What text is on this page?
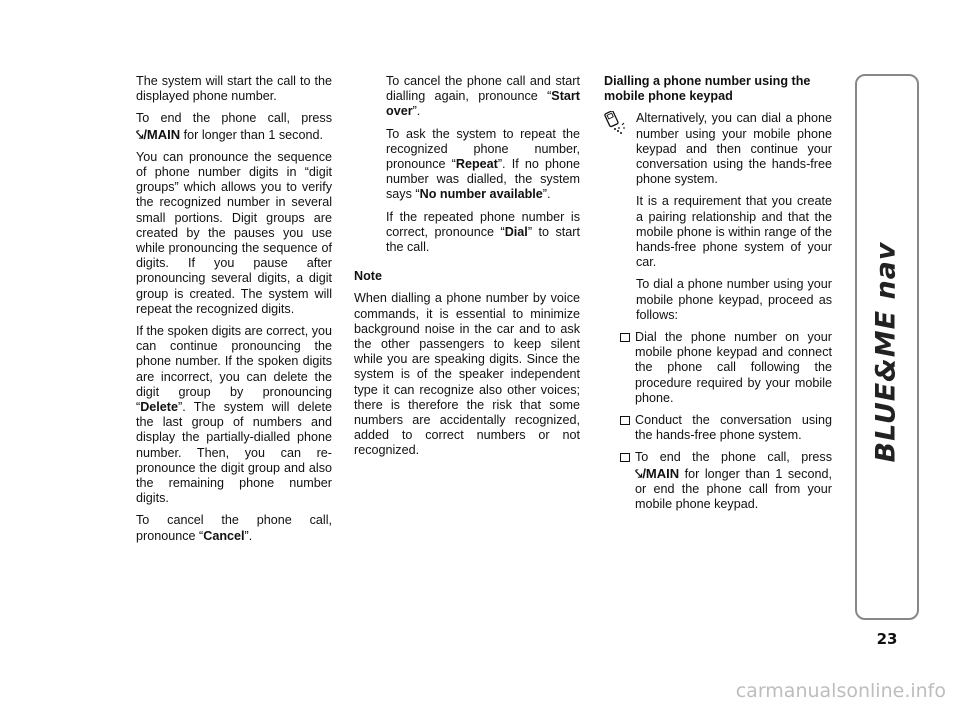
The system will start the call to the displayed phone number.

To end the phone call, press ⤥/MAIN for longer than 1 second.

You can pronounce the sequence of phone number digits in “digit groups” which allows you to verify the recognized number in several small portions. Digit groups are created by the pauses you use while pronouncing the sequence of digits. If you pause after pronouncing several digits, a digit group is created. The system will repeat the recognized digits.

If the spoken digits are correct, you can continue pronouncing the phone number. If the spoken digits are incorrect, you can delete the digit group by pronouncing “Delete”. The system will delete the last group of numbers and display the partially-dialled phone number. Then, you can re-pronounce the digit group and also the remaining phone number digits.

To cancel the phone call, pronounce “Cancel”.

To cancel the phone call and start dialling again, pronounce “Start over”.

To ask the system to repeat the recognized phone number, pronounce “Repeat”. If no phone number was dialled, the system says “No number available”.

If the repeated phone number is correct, pronounce “Dial” to start the call.

Note

When dialling a phone number by voice commands, it is essential to minimize background noise in the car and to ask the other passengers to keep silent while you are speaking digits. Since the system is of the speaker independent type it can recognize also other voices; there is therefore the risk that some numbers are accidentally recognized, added to correct numbers or not recognized.

Dialling a phone number using the mobile phone keypad

Alternatively, you can dial a phone number using your mobile phone keypad and then continue your conversation using the hands-free phone system.

It is a requirement that you create a pairing relationship and that the mobile phone is within range of the hands-free phone system of your car.

To dial a phone number using your mobile phone keypad, proceed as follows:

Dial the phone number on your mobile phone keypad and connect the phone call following the procedure required by your mobile phone.
Conduct the conversation using the hands-free phone system.
To end the phone call, press ⤥/MAIN for longer than 1 second, or end the phone call from your mobile phone keypad.
BLUE&ME nav
23
carmanualsonline.info
